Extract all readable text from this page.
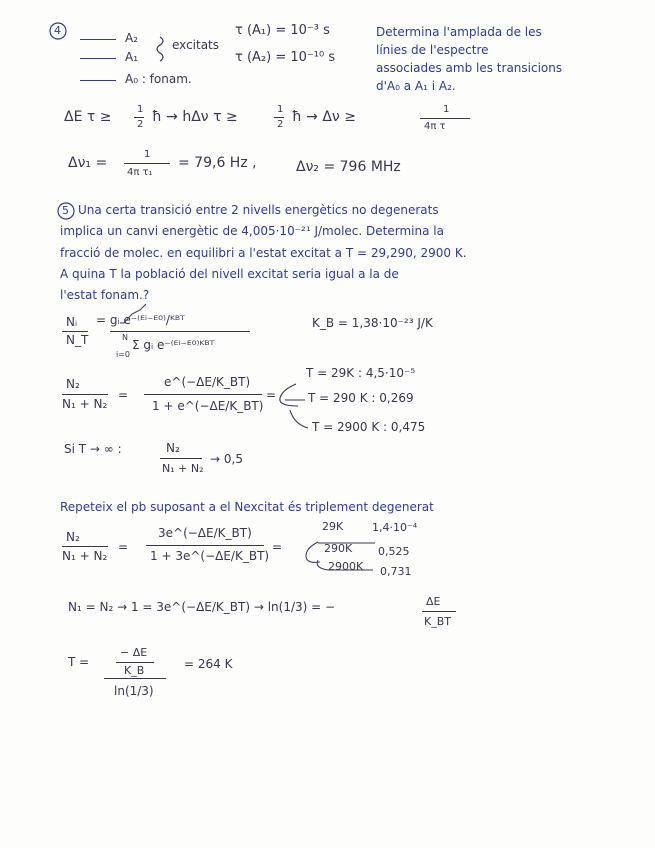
4
A₂
A₁
excitats
A₀ : fonam.
τ (A₁) = 10⁻³ s
τ (A₂) = 10⁻¹⁰ s
Determina l'amplada de les
línies de l'espectre
associades amb les transicions
d'A₀ a A₁ i A₂.
ΔE τ ≥	1
2 ħ → hΔν τ ≥	1
2 ħ → Δν ≥	1
4π τ
Δν₁ =
1
4π τ₁
= 79,6 Hz ,	Δν₂ = 796 MHz
5 Una certa transició entre 2 nivells energètics no degenerats
implica un canvi energètic de 4,005·10⁻²¹ J/molec. Determina la
fracció de molec. en equilibri a l'estat excitat a T = 29,290, 2900 K.
A quina T la població del nivell excitat seria igual a la de
l'estat fonam.?
Nᵢ
N_T
= gᵢ e⁻⁽ᴱⁱ⁻ᴱ⁰⁾/ᴷᴮᵀ
N
Σ gᵢ e⁻⁽ᴱⁱ⁻ᴱ⁰⁾ᴷᴮᵀ
i=0
K_B = 1,38·10⁻²³ J/K
N₂
N₁ + N₂
=
e^(−ΔE/K_BT)
1 + e^(−ΔE/K_BT)
=
T = 29K : 4,5·10⁻⁵
T = 290 K : 0,269
T = 2900 K : 0,475
Si T → ∞ :	N₂
N₁ + N₂
→ 0,5
Repeteix el pb suposant a el Nexcitat és triplement degenerat
N₂
N₁ + N₂
=
3e^(−ΔE/K_BT)
1 + 3e^(−ΔE/K_BT)
=
29K	1,4·10⁻⁴
290K 0,525
2900K 0,731
N₁ = N₂ → 1 = 3e^(−ΔE/K_BT) → ln(1/3) = −	ΔE
K_BT
T =
− ΔE
K_B
ln(1/3)
= 264 K
